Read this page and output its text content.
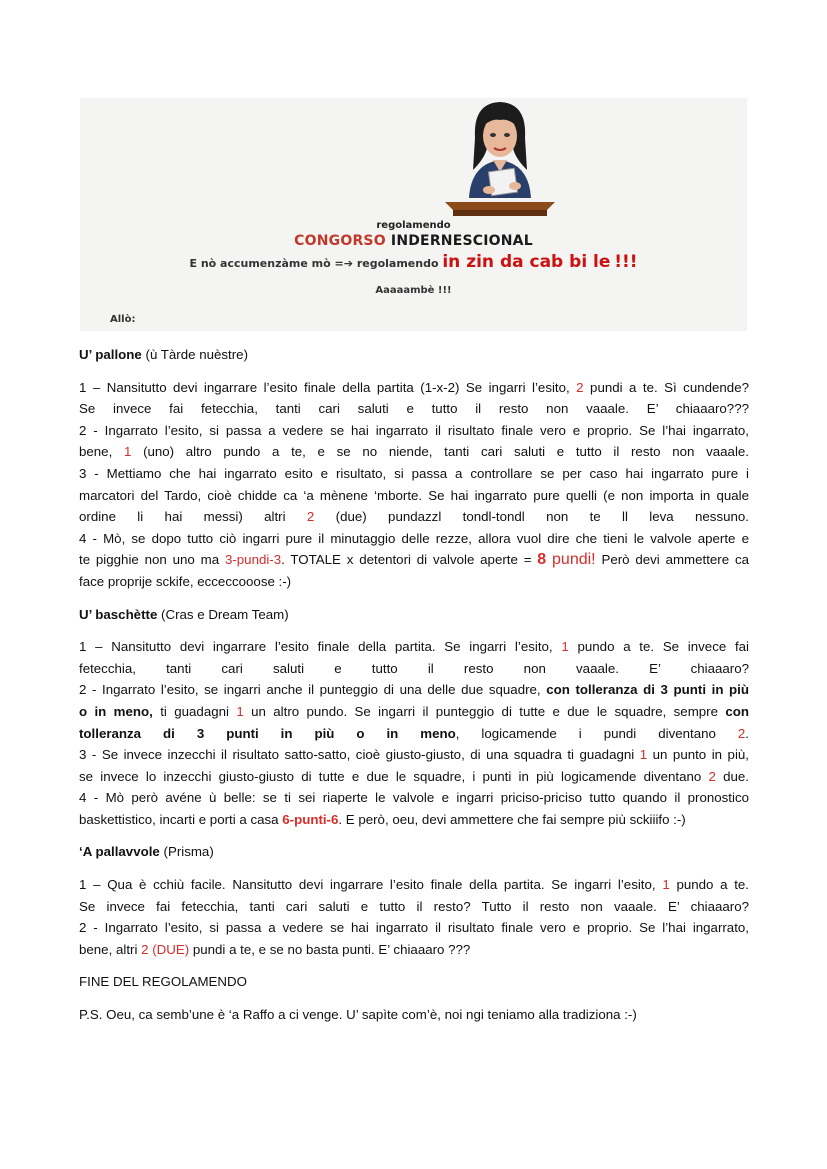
regolamendo
CONGORSO INDERNESCIONAL
E nò accumenzàme mò =➔ regolamendo in zin da cab bi le !!!
Aaaaambè !!!
Allò:

U’ pallone (ù Tàrde nuèstre)

1 – Nansitutto devi ingarrare l’esito finale della partita (1-x-2) Se ingarri l’esito, 2 pundi a te. Sì cundende?
Se invece fai fetecchia, tanti cari saluti e tutto il resto non vaaale. E’ chiaaaro???
2 - Ingarrato l’esito, si passa a vedere se hai ingarrato il risultato finale vero e proprio. Se l’hai ingarrato,
bene, 1 (uno) altro pundo a te, e se no niende, tanti cari saluti e tutto il resto non vaaale.
3 - Mettiamo che hai ingarrato esito e risultato, si passa a controllare se per caso hai ingarrato pure i
marcatori del Tardo, cioè chidde ca ‘a mènene ‘mborte. Se hai ingarrato pure quelli (e non importa in quale
ordine li hai messi) altri 2 (due) pundazzl tondl-tondl non te ll leva nessuno.
4 - Mò, se dopo tutto ciò ingarri pure il minutaggio delle rezze, allora vuol dire che tieni le valvole aperte e
te pigghie non uno ma 3-pundi-3. TOTALE x detentori di valvole aperte = 8 pundi! Però devi ammettere ca
face proprije sckife, ecceccooose :-)

U’ baschètte (Cras e Dream Team)

1 – Nansitutto devi ingarrare l’esito finale della partita. Se ingarri l’esito, 1 pundo a te. Se invece fai
fetecchia, tanti cari saluti e tutto il resto non vaaale. E’ chiaaaro?
2 - Ingarrato l’esito, se ingarri anche il punteggio di una delle due squadre, con tolleranza di 3 punti in più
o in meno, ti guadagni 1 un altro pundo. Se ingarri il punteggio di tutte e due le squadre, sempre con
tolleranza di 3 punti in più o in meno, logicamende i pundi diventano 2.
3 - Se invece inzecchi il risultato satto-satto, cioè giusto-giusto, di una squadra ti guadagni 1 un punto in più,
se invece lo inzecchi giusto-giusto di tutte e due le squadre, i punti in più logicamende diventano 2 due.
4 - Mò però avéne ù belle: se ti sei riaperte le valvole e ingarri priciso-priciso tutto quando il pronostico
baskettistico, incarti e porti a casa 6-punti-6. E però, oeu, devi ammettere che fai sempre più sckiiifo :-)

‘A pallavvole (Prisma)

1 – Qua è cchiù facile. Nansitutto devi ingarrare l’esito finale della partita. Se ingarri l’esito, 1 pundo a te.
Se invece fai fetecchia, tanti cari saluti e tutto il resto? Tutto il resto non vaaale. E’ chiaaaro?
2 - Ingarrato l’esito, si passa a vedere se hai ingarrato il risultato finale vero e proprio. Se l’hai ingarrato,
bene, altri 2 (DUE) pundi a te, e se no basta punti. E’ chiaaaro ???

FINE DEL REGOLAMENDO

P.S. Oeu, ca semb’une è ‘a Raffo a ci venge. U’ sapìte com’è, noi ngi teniamo alla tradiziona :-)
